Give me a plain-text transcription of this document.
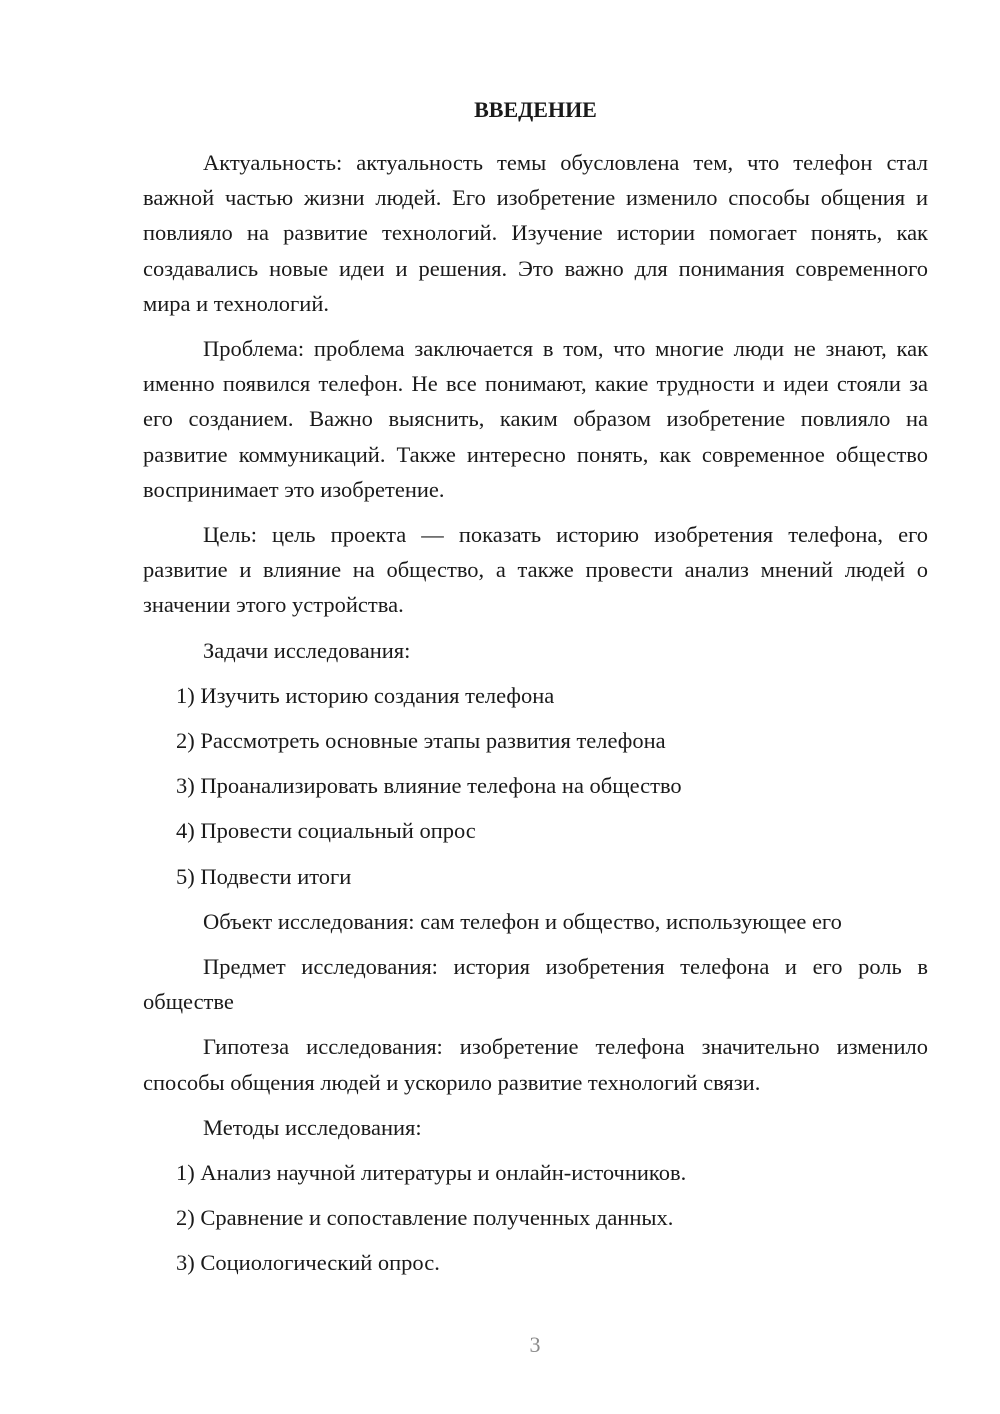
ВВЕДЕНИЕ

Актуальность: актуальность темы обусловлена тем, что телефон стал важной частью жизни людей. Его изобретение изменило способы общения и повлияло на развитие технологий. Изучение истории помогает понять, как создавались новые идеи и решения. Это важно для понимания современного мира и технологий.

Проблема: проблема заключается в том, что многие люди не знают, как именно появился телефон. Не все понимают, какие трудности и идеи стояли за его созданием. Важно выяснить, каким образом изобретение повлияло на развитие коммуникаций. Также интересно понять, как современное общество воспринимает это изобретение.

Цель: цель проекта — показать историю изобретения телефона, его развитие и влияние на общество, а также провести анализ мнений людей о значении этого устройства.

Задачи исследования:

1) Изучить историю создания телефона

2) Рассмотреть основные этапы развития телефона

3) Проанализировать влияние телефона на общество

4) Провести социальный опрос

5) Подвести итоги

Объект исследования: сам телефон и общество, использующее его

Предмет исследования: история изобретения телефона и его роль в обществе

Гипотеза исследования: изобретение телефона значительно изменило способы общения людей и ускорило развитие технологий связи.

Методы исследования:

1) Анализ научной литературы и онлайн-источников.

2) Сравнение и сопоставление полученных данных.

3) Социологический опрос.

3
